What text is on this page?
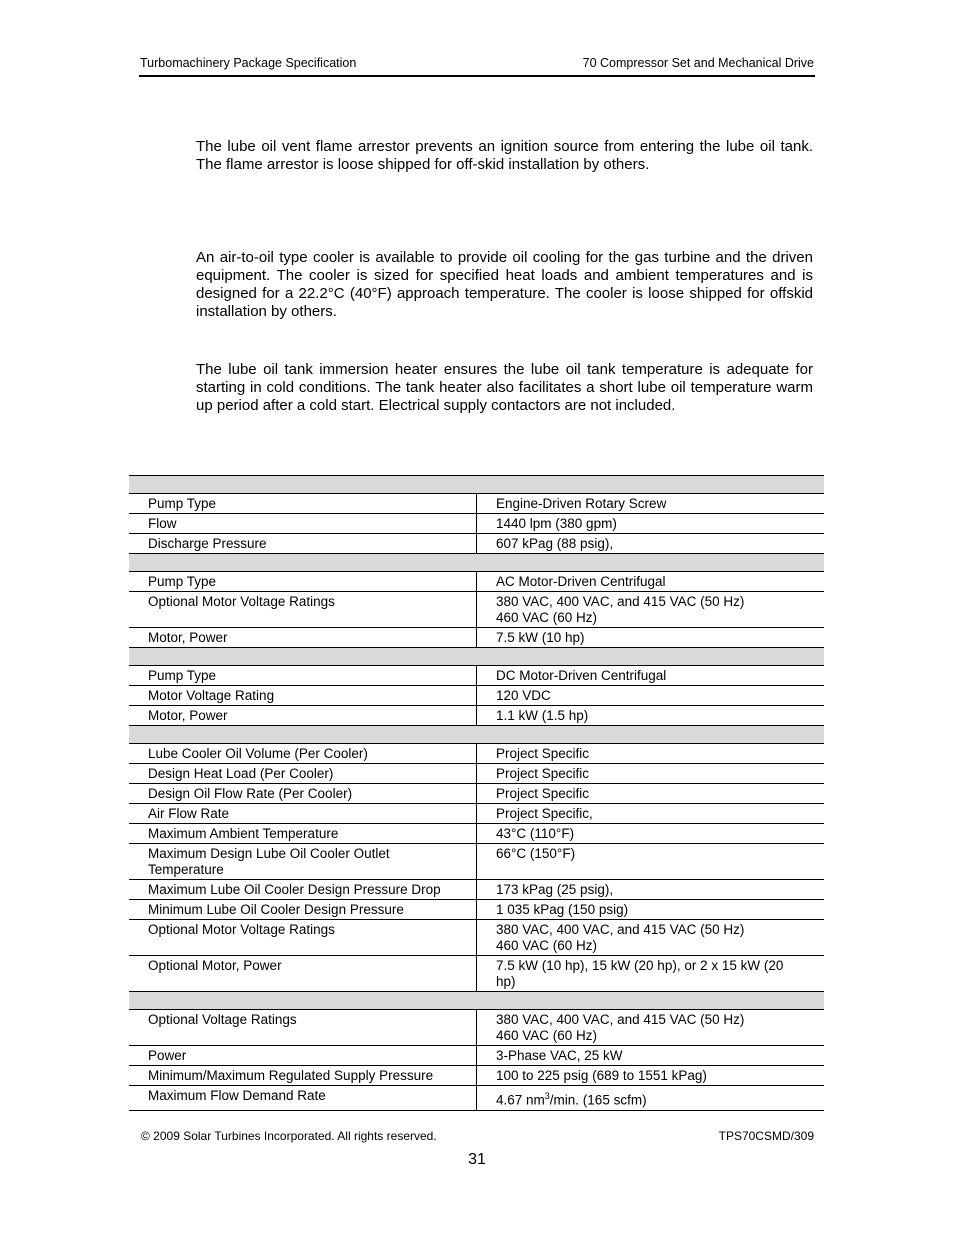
Turbomachinery Package Specification	70 Compressor Set and Mechanical Drive

The lube oil vent flame arrestor prevents an ignition source from entering the lube oil tank. The flame arrestor is loose shipped for off-skid installation by others.

An air-to-oil type cooler is available to provide oil cooling for the gas turbine and the driven equipment. The cooler is sized for specified heat loads and ambient temperatures and is designed for a 22.2°C (40°F) approach temperature. The cooler is loose shipped for offskid installation by others.

The lube oil tank immersion heater ensures the lube oil tank temperature is adequate for starting in cold conditions. The tank heater also facilitates a short lube oil temperature warm up period after a cold start. Electrical supply contactors are not included.

Pump Type	Engine-Driven Rotary Screw
Flow	1440 lpm (380 gpm)
Discharge Pressure	607 kPag (88 psig),

Pump Type	AC Motor-Driven Centrifugal
Optional Motor Voltage Ratings	380 VAC, 400 VAC, and 415 VAC (50 Hz)
460 VAC (60 Hz)
Motor, Power	7.5 kW (10 hp)

Pump Type	DC Motor-Driven Centrifugal
Motor Voltage Rating	120 VDC
Motor, Power	1.1 kW (1.5 hp)

Lube Cooler Oil Volume (Per Cooler)	Project Specific
Design Heat Load (Per Cooler)	Project Specific
Design Oil Flow Rate (Per Cooler)	Project Specific
Air Flow Rate	Project Specific,
Maximum Ambient Temperature	43°C (110°F)
Maximum Design Lube Oil Cooler Outlet
Temperature	66°C (150°F)
Maximum Lube Oil Cooler Design Pressure Drop	173 kPag (25 psig),
Minimum Lube Oil Cooler Design Pressure	1 035 kPag (150 psig)
Optional Motor Voltage Ratings	380 VAC, 400 VAC, and 415 VAC (50 Hz)
460 VAC (60 Hz)
Optional Motor, Power	7.5 kW (10 hp), 15 kW (20 hp), or 2 x 15 kW (20
hp)

Optional Voltage Ratings	380 VAC, 400 VAC, and 415 VAC (50 Hz)
460 VAC (60 Hz)
Power	3-Phase VAC, 25 kW
Minimum/Maximum Regulated Supply Pressure	100 to 225 psig (689 to 1551 kPag)
Maximum Flow Demand Rate	4.67 $nm^3/\min$. (165 scfm)
© 2009 Solar Turbines Incorporated. All rights reserved.	TPS70CSMD/309
31
